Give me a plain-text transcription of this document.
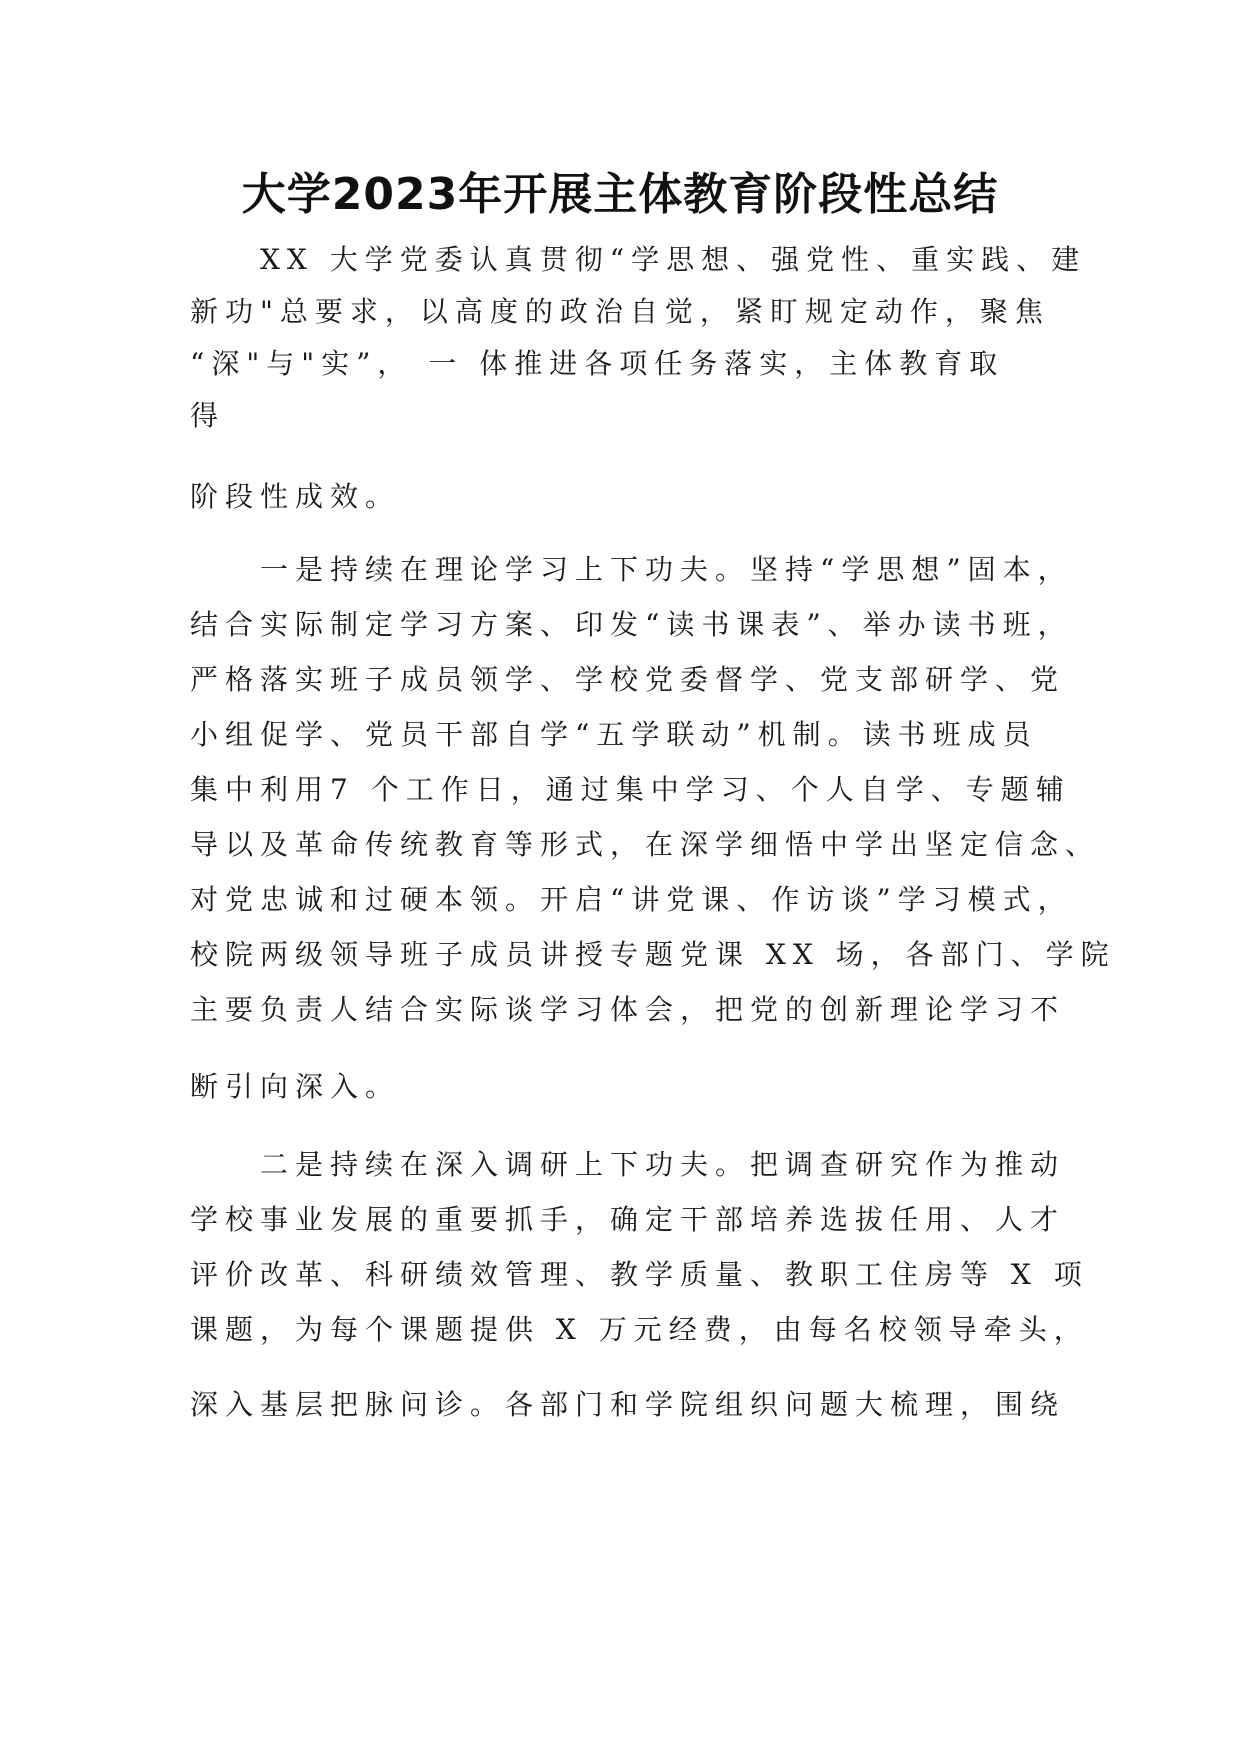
大学2023年开展主体教育阶段性总结
　　XX 大学党委认真贯彻“学思想、强党性、重实践、建
新功"总要求，以高度的政治自觉，紧盯规定动作，聚焦
“深"与"实”， 一 体推进各项任务落实，主体教育取
得
阶段性成效。
　　一是持续在理论学习上下功夫。坚持“学思想”固本，
结合实际制定学习方案、印发“读书课表”、举办读书班，
严格落实班子成员领学、学校党委督学、党支部研学、党
小组促学、党员干部自学“五学联动”机制。读书班成员
集中利用7 个工作日，通过集中学习、个人自学、专题辅
导以及革命传统教育等形式，在深学细悟中学出坚定信念、
对党忠诚和过硬本领。开启“讲党课、作访谈”学习模式，
校院两级领导班子成员讲授专题党课 XX 场，各部门、学院
主要负责人结合实际谈学习体会，把党的创新理论学习不
断引向深入。
　　二是持续在深入调研上下功夫。把调查研究作为推动
学校事业发展的重要抓手，确定干部培养选拔任用、人才
评价改革、科研绩效管理、教学质量、教职工住房等 X 项
课题，为每个课题提供 X 万元经费，由每名校领导牵头，
深入基层把脉问诊。各部门和学院组织问题大梳理，围绕
